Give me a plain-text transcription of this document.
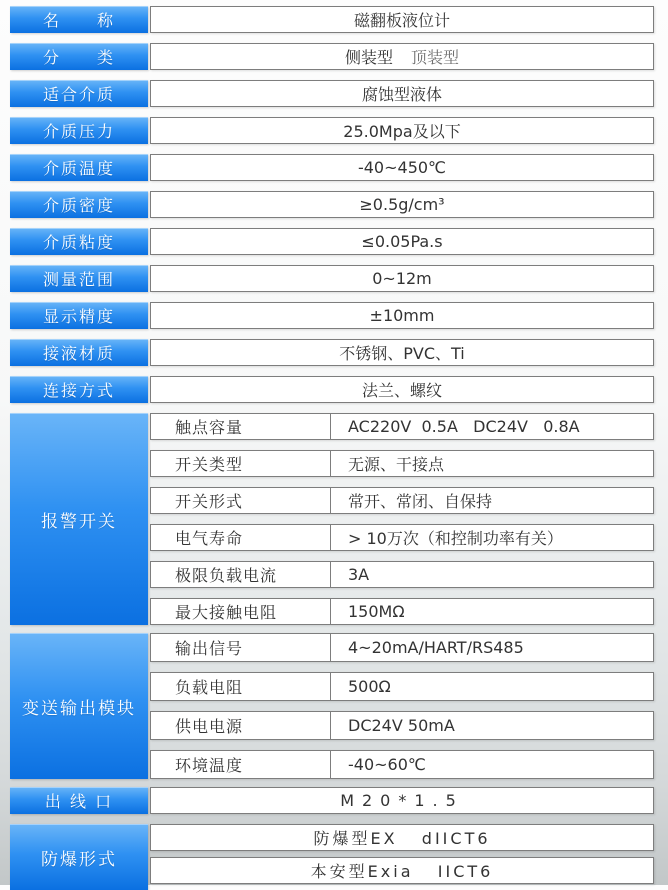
名　　称	磁翻板液位计
分　　类	侧装型 顶装型
适合介质	腐蚀型液体
介质压力	25.0Mpa及以下
介质温度	-40~450℃
介质密度	≥0.5g/cm³
介质粘度	≤0.05Pa.s
测量范围	0~12m
显示精度	±10mm
接液材质	不锈钢、PVC、Ti
连接方式	法兰、螺纹
报警开关
触点容量	AC220V  0.5A   DC24V   0.8A
开关类型	无源、干接点
开关形式	常开、常闭、自保持
电气寿命	> 10万次（和控制功率有关）
极限负载电流	3A
最大接触电阻	150MΩ
变送输出模块
输出信号	4~20mA/HART/RS485
负载电阻	500Ω
供电电源	DC24V 50mA
环境温度	-40~60℃
出 线 口	M20*1.5
防爆形式
防爆型EX   dIICT6
本安型Exia   IICT6
